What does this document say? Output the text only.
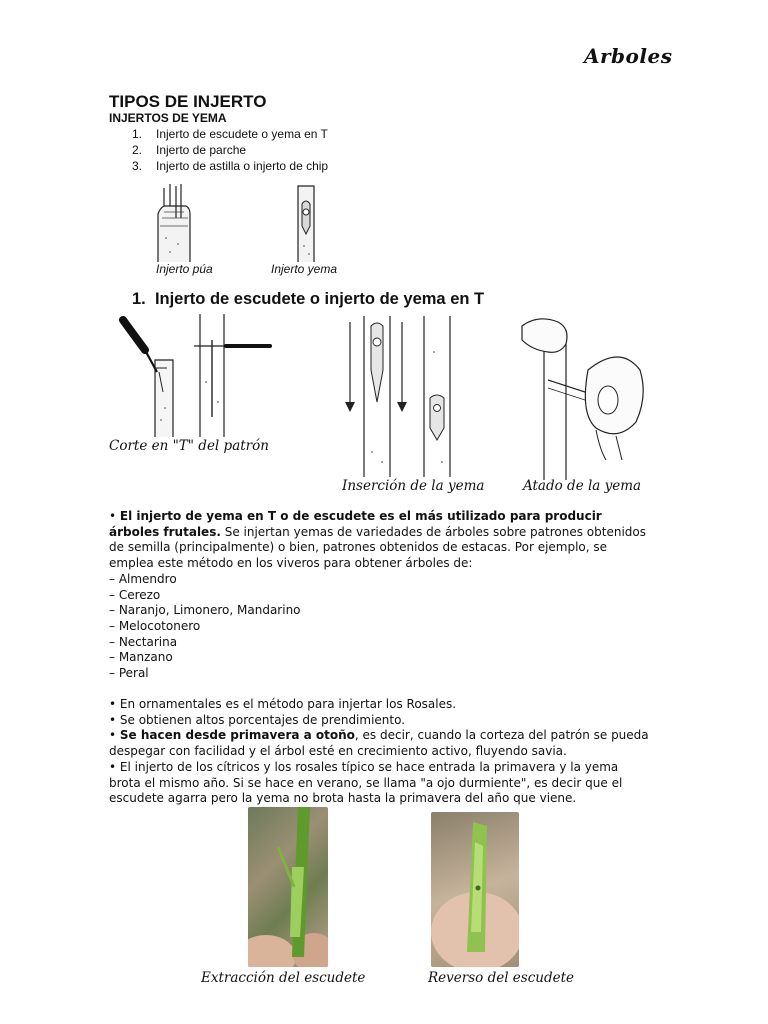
Arboles
TIPOS DE INJERTO
INJERTOS DE YEMA
1. Injerto de escudete o yema en T
2. Injerto de parche
3. Injerto de astilla o injerto de chip
Injerto púa	Injerto yema
1. Injerto de escudete o injerto de yema en T
Corte en "T" del patrón
Inserción de la yema	Atado de la yema

• El injerto de yema en T o de escudete es el más utilizado para producir árboles frutales. Se injertan yemas de variedades de árboles sobre patrones obtenidos de semilla (principalmente) o bien, patrones obtenidos de estacas. Por ejemplo, se emplea este método en los viveros para obtener árboles de:

– Almendro
– Cerezo
– Naranjo, Limonero, Mandarino
– Melocotonero
– Nectarina
– Manzano
– Peral

• En ornamentales es el método para injertar los Rosales.

• Se obtienen altos porcentajes de prendimiento.

• Se hacen desde primavera a otoño, es decir, cuando la corteza del patrón se pueda despegar con facilidad y el árbol esté en crecimiento activo, fluyendo savia.

• El injerto de los cítricos y los rosales típico se hace entrada la primavera y la yema brota el mismo año. Si se hace en verano, se llama "a ojo durmiente", es decir que el escudete agarra pero la yema no brota hasta la primavera del año que viene.

Extracción del escudete	Reverso del escudete
